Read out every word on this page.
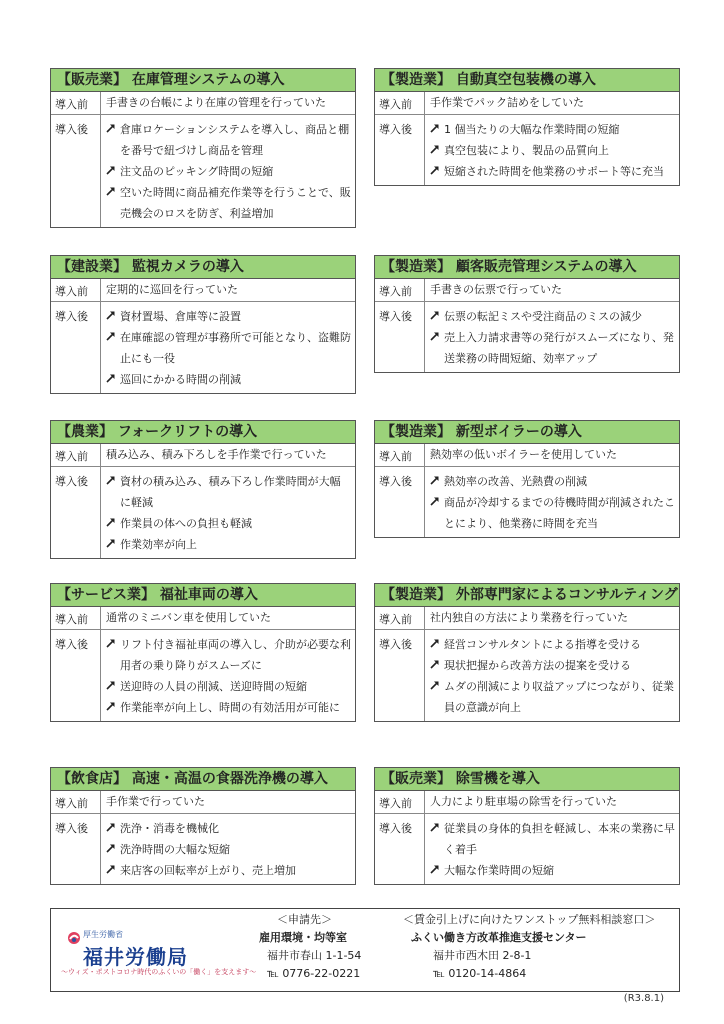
【販売業】 在庫管理システムの導入
導入前	手書きの台帳により在庫の管理を行っていた
導入後	倉庫ロケーションシステムを導入し、商品と棚を番号で紐づけし商品を管理
注文品のピッキング時間の短縮
空いた時間に商品補充作業等を行うことで、販売機会のロスを防ぎ、利益増加
【製造業】 自動真空包装機の導入
導入前	手作業でパック詰めをしていた
導入後	1 個当たりの大幅な作業時間の短縮
真空包装により、製品の品質向上
短縮された時間を他業務のサポート等に充当
【建設業】 監視カメラの導入
導入前	定期的に巡回を行っていた
導入後	資材置場、倉庫等に設置
在庫確認の管理が事務所で可能となり、盗難防止にも一役
巡回にかかる時間の削減
【製造業】 顧客販売管理システムの導入
導入前	手書きの伝票で行っていた
導入後	伝票の転記ミスや受注商品のミスの減少
売上入力請求書等の発行がスムーズになり、発送業務の時間短縮、効率アップ
【農業】 フォークリフトの導入
導入前	積み込み、積み下ろしを手作業で行っていた
導入後	資材の積み込み、積み下ろし作業時間が大幅に軽減
作業員の体への負担も軽減
作業効率が向上
【製造業】 新型ボイラーの導入
導入前	熱効率の低いボイラーを使用していた
導入後	熱効率の改善、光熱費の削減
商品が冷却するまでの待機時間が削減されたことにより、他業務に時間を充当
【サービス業】 福祉車両の導入
導入前	通常のミニバン車を使用していた
導入後	リフト付き福祉車両の導入し、介助が必要な利用者の乗り降りがスムーズに
送迎時の人員の削減、送迎時間の短縮
作業能率が向上し、時間の有効活用が可能に
【製造業】 外部専門家によるコンサルティング
導入前	社内独自の方法により業務を行っていた
導入後	経営コンサルタントによる指導を受ける
現状把握から改善方法の提案を受ける
ムダの削減により収益アップにつながり、従業員の意識が向上
【飲食店】 高速・高温の食器洗浄機の導入
導入前	手作業で行っていた
導入後	洗浄・消毒を機械化
洗浄時間の大幅な短縮
来店客の回転率が上がり、売上増加
【販売業】 除雪機を導入
導入前	人力により駐車場の除雪を行っていた
導入後	従業員の身体的負担を軽減し、本来の業務に早く着手
大幅な作業時間の短縮
厚生労働省
福井労働局
～ウィズ・ポストコロナ時代のふくいの「働く」を支えます～
＜申請先＞
雇用環境・均等室
福井市春山 1-1-54
℡ 0776-22-0221
＜賃金引上げに向けたワンストップ無料相談窓口＞
ふくい働き方改革推進支援センター
福井市西木田 2-8-1
℡ 0120-14-4864
(R3.8.1)
